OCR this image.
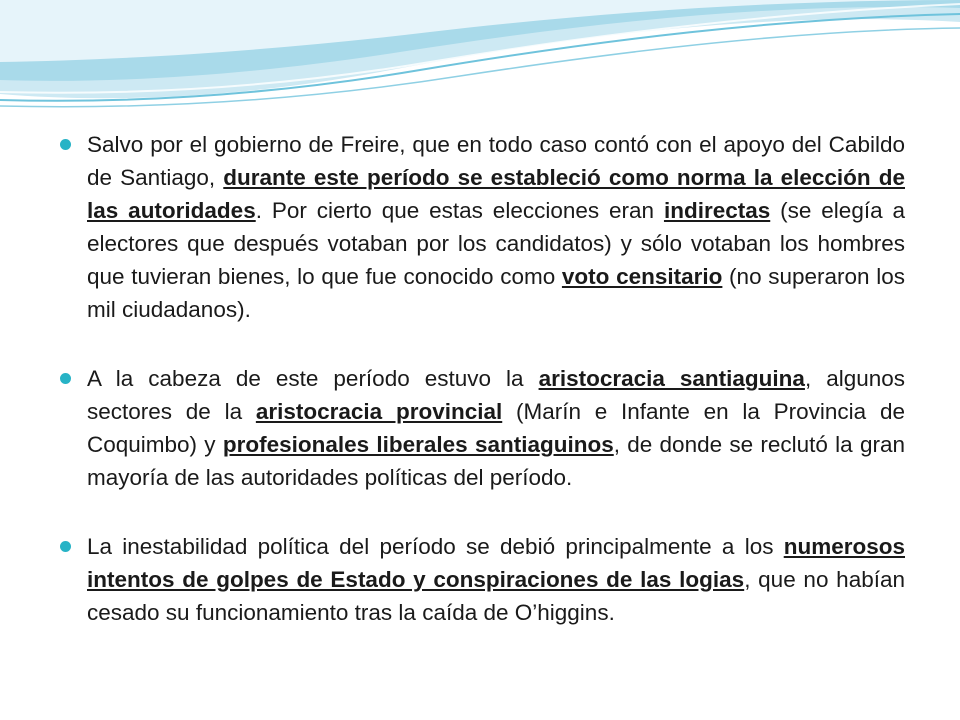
Salvo por el gobierno de Freire, que en todo caso contó con el apoyo del Cabildo de Santiago, durante este período se estableció como norma la elección de las autoridades. Por cierto que estas elecciones eran indirectas (se elegía a electores que después votaban por los candidatos) y sólo votaban los hombres que tuvieran bienes, lo que fue conocido como voto censitario (no superaron los mil ciudadanos).

A la cabeza de este período estuvo la aristocracia santiaguina, algunos sectores de la aristocracia provincial (Marín e Infante en la Provincia de Coquimbo) y profesionales liberales santiaguinos, de donde se reclutó la gran mayoría de las autoridades políticas del período.

La inestabilidad política del período se debió principalmente a los numerosos intentos de golpes de Estado y conspiraciones de las logias, que no habían cesado su funcionamiento tras la caída de O’higgins.
